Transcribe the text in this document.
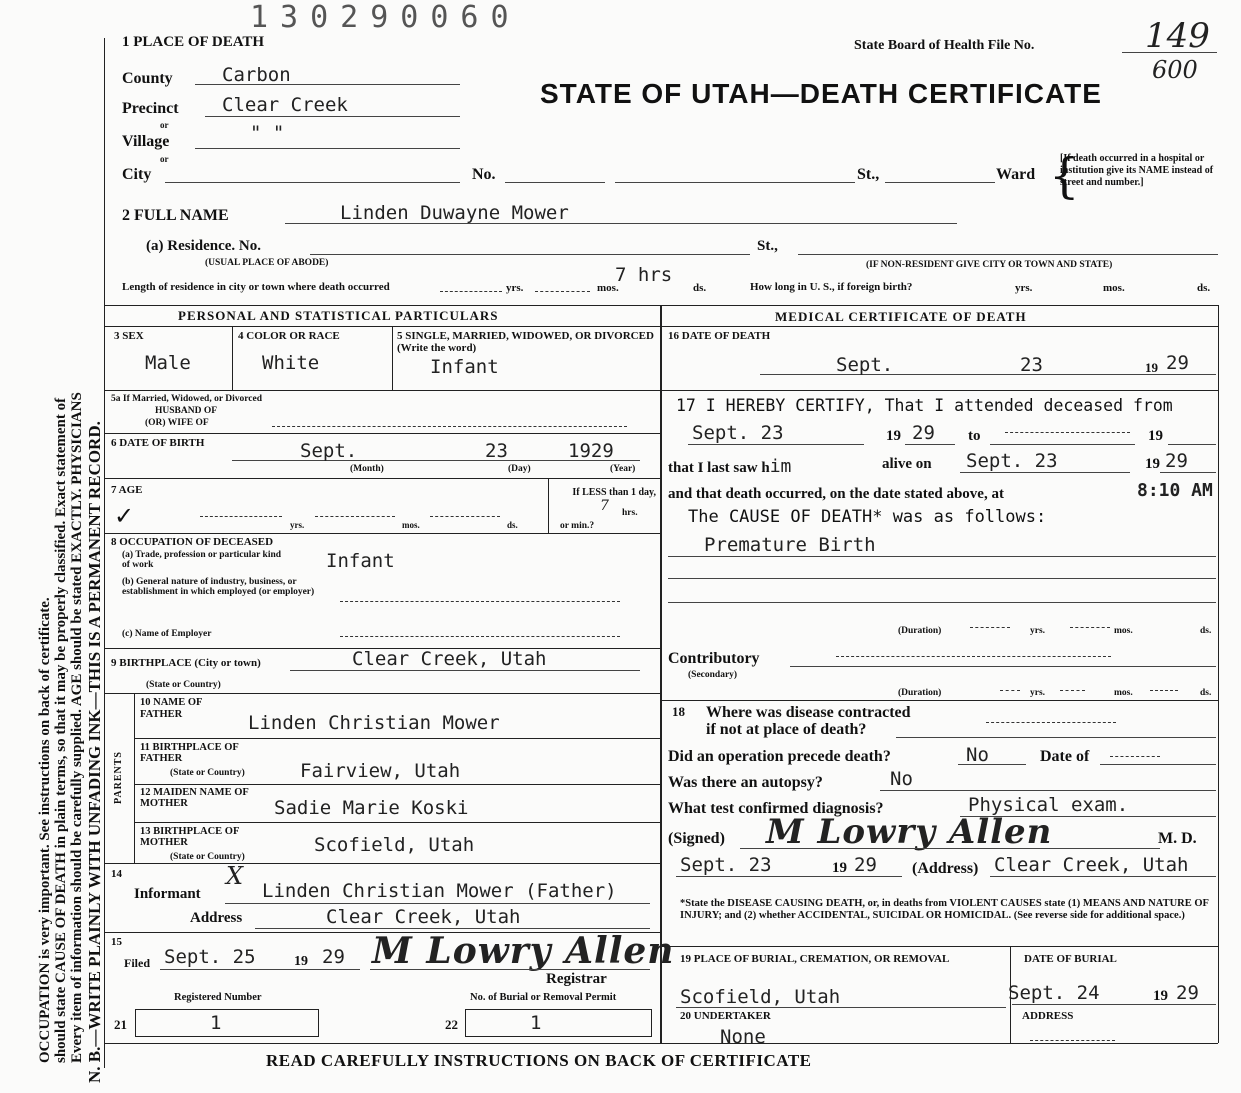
130290060
OCCUPATION is very important. See instructions on back of certificate. should state CAUSE OF DEATH in plain terms, so that it may be properly classified. Exact statement of Every item of information should be carefully supplied. AGE should be stated EXACTLY. PHYSICIANS N. B.—WRITE PLAINLY WITH UNFADING INK—THIS IS A PERMANENT RECORD.
1 PLACE OF DEATH	State Board of Health File No.	149
600
STATE OF UTAH—DEATH CERTIFICATE
County	Carbon
Precinct Clear Creek
or
Village	" "
or
City	No.	St.,	Ward {
[If death occurred in a hospital or institution give its NAME instead of street and number.]
2 FULL NAME	Linden Duwayne Mower
(a) Residence. No.
(USUAL PLACE OF ABODE)
St.,
(IF NON-RESIDENT GIVE CITY OR TOWN AND STATE)
Length of residence in city or town where death occurred	yrs.	mos.
7 hrs
ds.	How long in U. S., if foreign birth?	yrs.	mos.	ds.
PERSONAL AND STATISTICAL PARTICULARS	MEDICAL CERTIFICATE OF DEATH
3 SEX
Male
4 COLOR OR RACE
White
5 SINGLE, MARRIED, WIDOWED, OR DIVORCED (Write the word)
Infant
5a If Married, Widowed, or Divorced
HUSBAND OF
(OR) WIFE OF
6 DATE OF BIRTH	Sept.	23	1929
(Month)	(Day)	(Year)
7 AGE
✓	yrs.	mos.	ds.
If LESS than 1 day,
7 hrs.
or min.?
8 OCCUPATION OF DECEASED
(a) Trade, profession or particular kind of work	Infant
(b) General nature of industry, business, or establishment in which employed (or employer)
(c) Name of Employer
9 BIRTHPLACE (City or town)	Clear Creek, Utah
(State or Country)
PARENTS
10 NAME OF FATHER	Linden Christian Mower
11 BIRTHPLACE OF FATHER
(State or Country)	Fairview, Utah
12 MAIDEN NAME OF MOTHER	Sadie Marie Koski
13 BIRTHPLACE OF MOTHER
(State or Country)
Scofield, Utah
14
Informant
X
Linden Christian Mower (Father)
Address	Clear Creek, Utah
15
Filed Sept. 25	19 29 M Lowry Allen
Registrar
Registered Number	No. of Burial or Removal Permit
21	1	22	1
READ CAREFULLY INSTRUCTIONS ON BACK OF CERTIFICATE
16 DATE OF DEATH
Sept.	23	19 29
17 I HEREBY CERTIFY, That I attended deceased from
Sept. 23	19 29 to	19
that I last saw him	alive on Sept. 23	19 29
and that death occurred, on the date stated above, at	8:10 AM
The CAUSE OF DEATH* was as follows:
Premature Birth
(Duration)	yrs.	mos.	ds.
Contributory
(Secondary)
(Duration)	yrs.	mos.	ds.
18 Where was disease contracted
if not at place of death?
Did an operation precede death?	No	Date of
Was there an autopsy?	No
What test confirmed diagnosis?	Physical exam.
(Signed) M Lowry Allen	M. D.
Sept. 23	19 29 (Address) Clear Creek, Utah
*State the DISEASE CAUSING DEATH, or, in deaths from VIOLENT CAUSES state (1) MEANS AND NATURE OF INJURY; and (2) whether ACCIDENTAL, SUICIDAL OR HOMICIDAL. (See reverse side for additional space.)
19 PLACE OF BURIAL, CREMATION, OR REMOVAL
Scofield, Utah
DATE OF BURIAL
Sept. 24	19 29
20 UNDERTAKER
None
ADDRESS
